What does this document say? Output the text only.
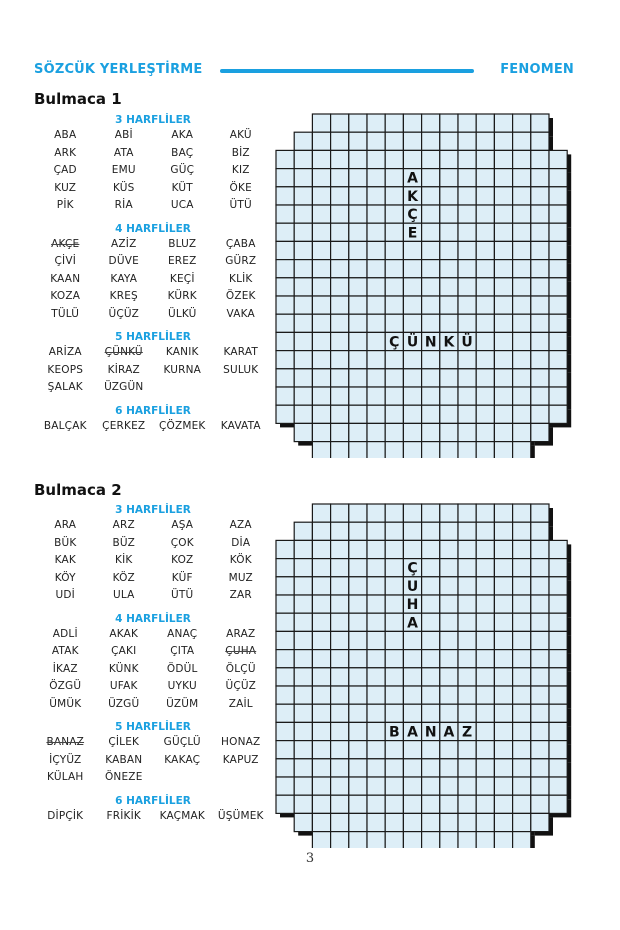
SÖZCÜK YERLEŞTİRME	FENOMEN
Bulmaca 1
3 HARFLİLER
ABA	ABİ	AKA	AKÜ
ARK	ATA	BAÇ	BİZ
ÇAD	EMU	GÜÇ	KIZ
KUZ	KÜS	KÜT	ÖKE
PİK	RİA	UCA	ÜTÜ
4 HARFLİLER
AKÇE	AZİZ	BLUZ	ÇABA
ÇİVİ	DÜVE	EREZ	GÜRZ
KAAN	KAYA	KEÇİ	KLİK
KOZA	KREŞ	KÜRK	ÖZEK
TÜLÜ	ÜÇÜZ	ÜLKÜ	VAKA
5 HARFLİLER
ARİZA	ÇÜNKÜ	KANIK	KARAT
KEOPS	KİRAZ	KURNA	SULUK
ŞALAK	ÜZGÜN
6 HARFLİLER
BALÇAK	ÇERKEZ	ÇÖZMEK	KAVATA
A
K
Ç
E
Ç Ü N K Ü
Bulmaca 2
3 HARFLİLER
ARA	ARZ	AŞA	AZA
BÜK	BÜZ	ÇOK	DİA
KAK	KİK	KOZ	KÖK
KÖY	KÖZ	KÜF	MUZ
UDİ	ULA	ÜTÜ	ZAR
4 HARFLİLER
ADLİ	AKAK	ANAÇ	ARAZ
ATAK	ÇAKI	ÇITA	ÇUHA
İKAZ	KÜNK	ÖDÜL	ÖLÇÜ
ÖZGÜ	UFAK	UYKU	ÜÇÜZ
ÜMÜK	ÜZGÜ	ÜZÜM	ZAİL
5 HARFLİLER
BANAZ	ÇİLEK	GÜÇLÜ	HONAZ
İÇYÜZ	KABAN	KAKAÇ	KAPUZ
KÜLAH	ÖNEZE
6 HARFLİLER
DİPÇİK	FRİKİK	KAÇMAK	ÜŞÜMEK
Ç
U
H
A
B A N A Z
3
